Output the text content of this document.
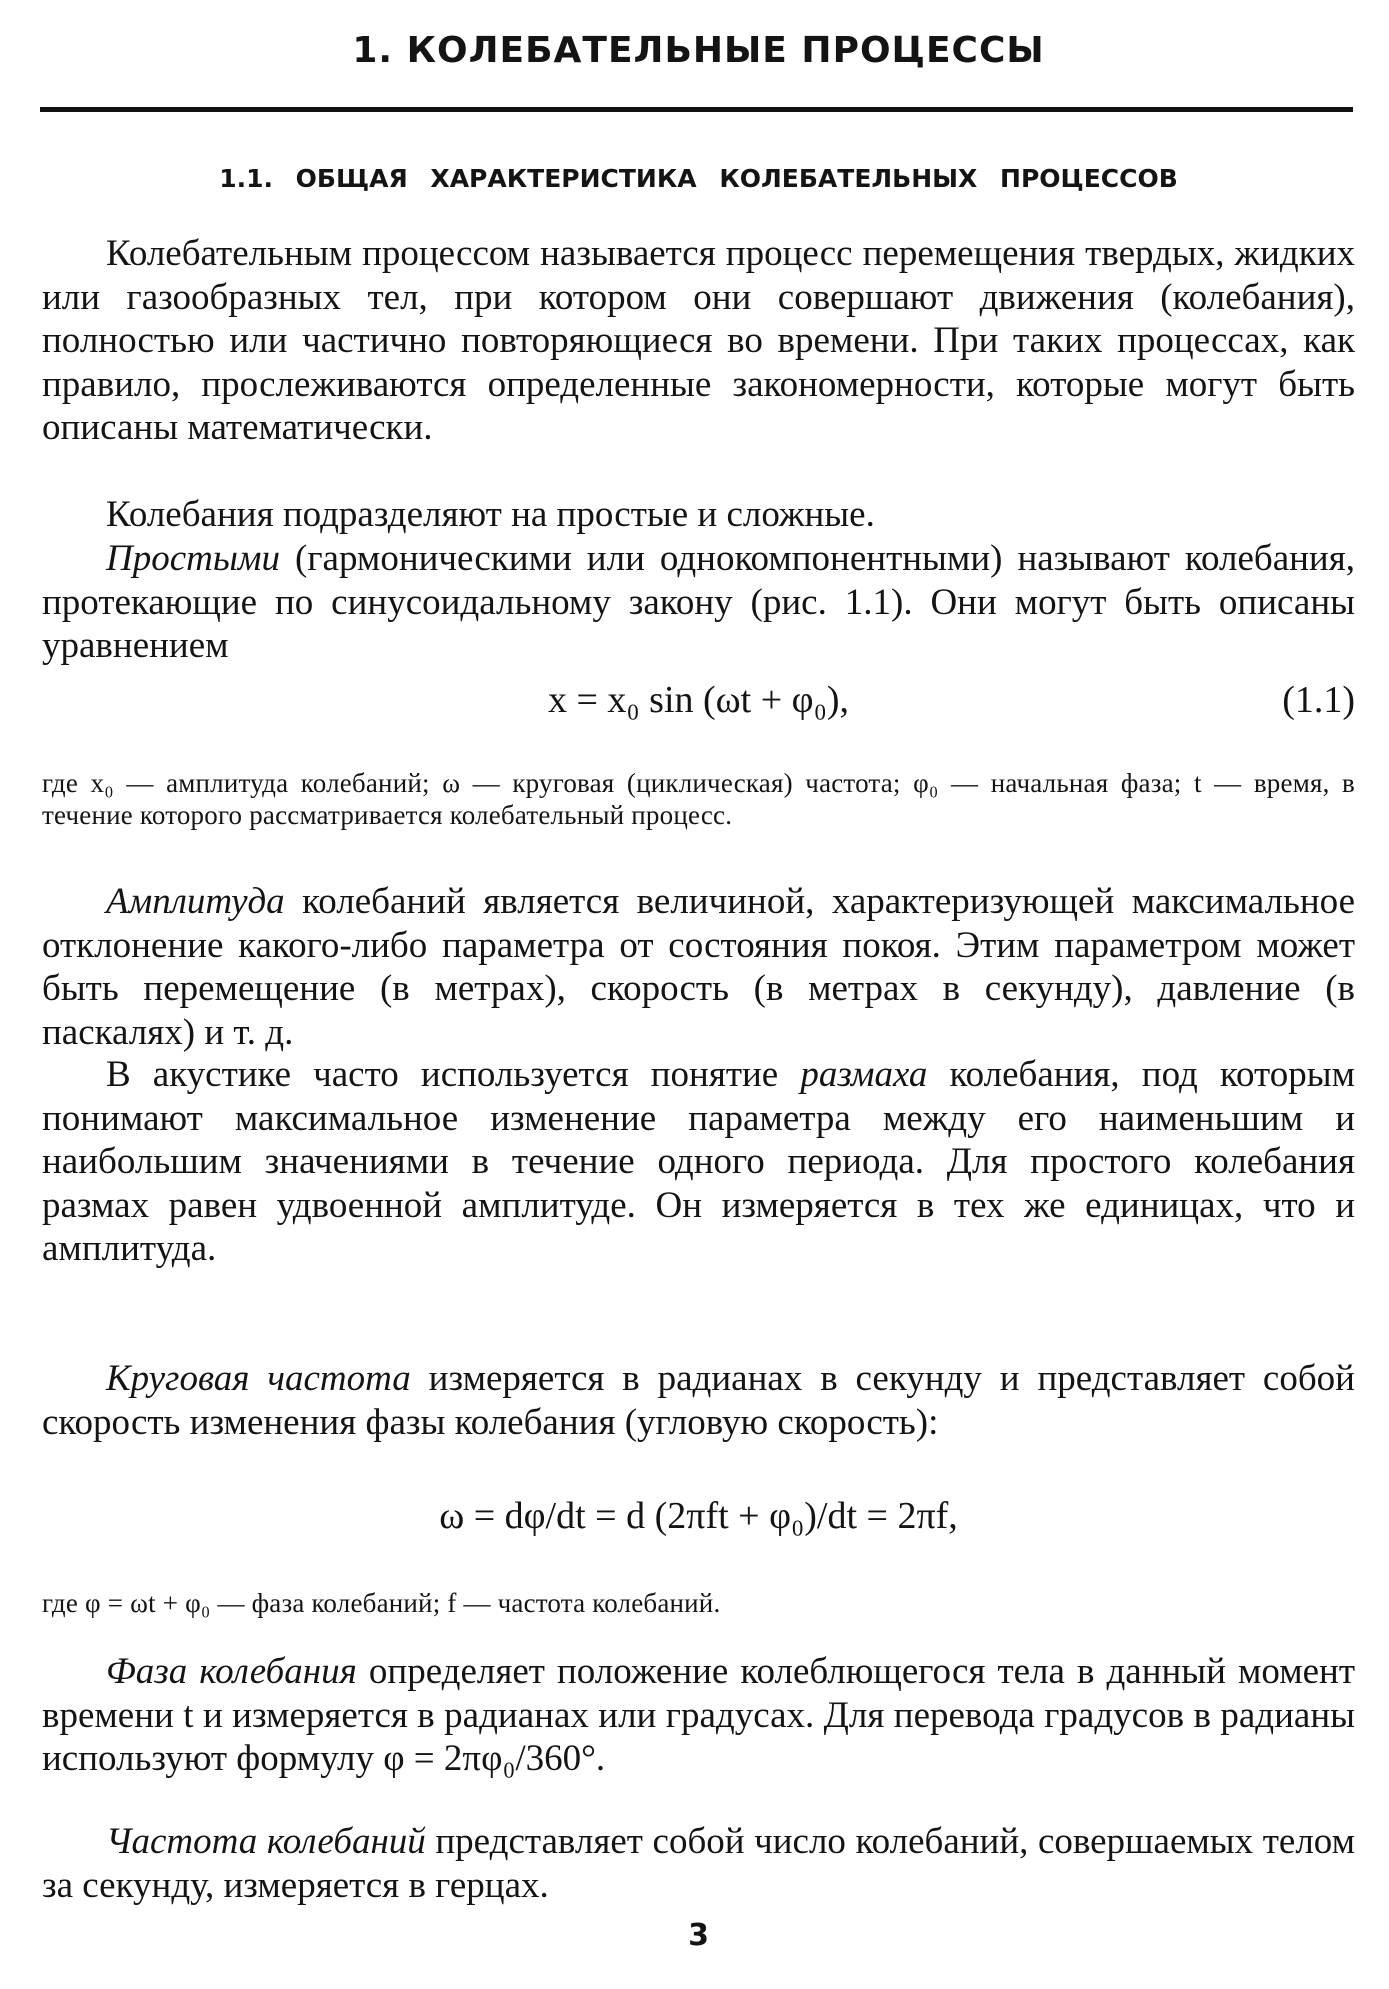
1. КОЛЕБАТЕЛЬНЫЕ ПРОЦЕССЫ
1.1. ОБЩАЯ ХАРАКТЕРИСТИКА КОЛЕБАТЕЛЬНЫХ ПРОЦЕССОВ

Колебательным процессом называется процесс перемещения твердых, жидких или газообразных тел, при котором они совершают движения (колебания), полностью или частично повторяющиеся во времени. При таких процессах, как правило, прослеживаются определенные закономерности, которые могут быть описаны математически.

Колебания подразделяют на простые и сложные.

Простыми (гармоническими или однокомпонентными) называют колебания, протекающие по синусоидальному закону (рис. 1.1). Они могут быть описаны уравнением

x = x₀ sin (ωt + φ₀),	(1.1)

где x₀ — амплитуда колебаний; ω — круговая (циклическая) частота; φ₀ — начальная фаза; t — время, в течение которого рассматривается колебательный процесс.

Амплитуда колебаний является величиной, характеризующей максимальное отклонение какого-либо параметра от состояния покоя. Этим параметром может быть перемещение (в метрах), скорость (в метрах в секунду), давление (в паскалях) и т. д.

В акустике часто используется понятие размаха колебания, под которым понимают максимальное изменение параметра между его наименьшим и наибольшим значениями в течение одного периода. Для простого колебания размах равен удвоенной амплитуде. Он измеряется в тех же единицах, что и амплитуда.

Круговая частота измеряется в радианах в секунду и представляет собой скорость изменения фазы колебания (угловую скорость):

ω = dφ/dt = d (2πft + φ₀)/dt = 2πf,

где φ = ωt + φ₀ — фаза колебаний; f — частота колебаний.

Фаза колебания определяет положение колеблющегося тела в данный момент времени t и измеряется в радианах или градусах. Для перевода градусов в радианы используют формулу φ = 2πφ₀/360°.

Частота колебаний представляет собой число колебаний, совершаемых телом за секунду, измеряется в герцах.

3
